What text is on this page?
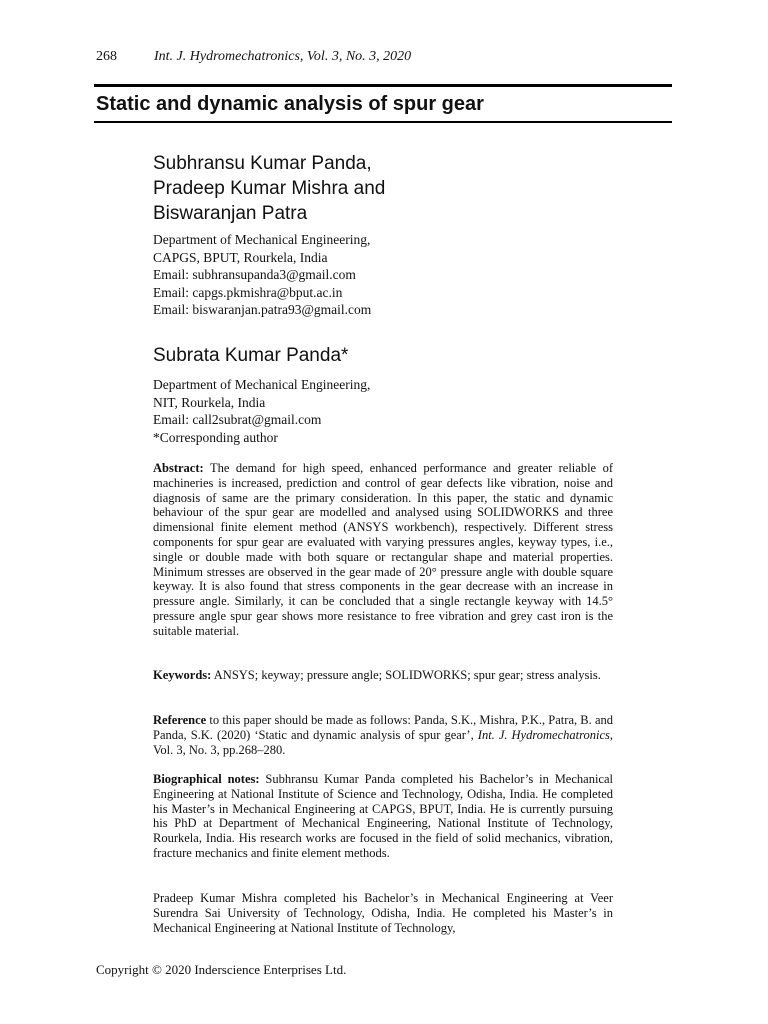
268	Int. J. Hydromechatronics, Vol. 3, No. 3, 2020
Static and dynamic analysis of spur gear
Subhransu Kumar Panda,
Pradeep Kumar Mishra and
Biswaranjan Patra
Department of Mechanical Engineering,
CAPGS, BPUT, Rourkela, India
Email: subhransupanda3@gmail.com
Email: capgs.pkmishra@bput.ac.in
Email: biswaranjan.patra93@gmail.com
Subrata Kumar Panda*
Department of Mechanical Engineering,
NIT, Rourkela, India
Email: call2subrat@gmail.com
*Corresponding author
Abstract: The demand for high speed, enhanced performance and greater reliable of machineries is increased, prediction and control of gear defects like vibration, noise and diagnosis of same are the primary consideration. In this paper, the static and dynamic behaviour of the spur gear are modelled and analysed using SOLIDWORKS and three dimensional finite element method (ANSYS workbench), respectively. Different stress components for spur gear are evaluated with varying pressures angles, keyway types, i.e., single or double made with both square or rectangular shape and material properties. Minimum stresses are observed in the gear made of 20° pressure angle with double square keyway. It is also found that stress components in the gear decrease with an increase in pressure angle. Similarly, it can be concluded that a single rectangle keyway with 14.5° pressure angle spur gear shows more resistance to free vibration and grey cast iron is the suitable material.
Keywords: ANSYS; keyway; pressure angle; SOLIDWORKS; spur gear; stress analysis.
Reference to this paper should be made as follows: Panda, S.K., Mishra, P.K., Patra, B. and Panda, S.K. (2020) ‘Static and dynamic analysis of spur gear’, Int. J. Hydromechatronics, Vol. 3, No. 3, pp.268–280.
Biographical notes: Subhransu Kumar Panda completed his Bachelor’s in Mechanical Engineering at National Institute of Science and Technology, Odisha, India. He completed his Master’s in Mechanical Engineering at CAPGS, BPUT, India. He is currently pursuing his PhD at Department of Mechanical Engineering, National Institute of Technology, Rourkela, India. His research works are focused in the field of solid mechanics, vibration, fracture mechanics and finite element methods.
Pradeep Kumar Mishra completed his Bachelor’s in Mechanical Engineering at Veer Surendra Sai University of Technology, Odisha, India. He completed his Master’s in Mechanical Engineering at National Institute of Technology,
Copyright © 2020 Inderscience Enterprises Ltd.
